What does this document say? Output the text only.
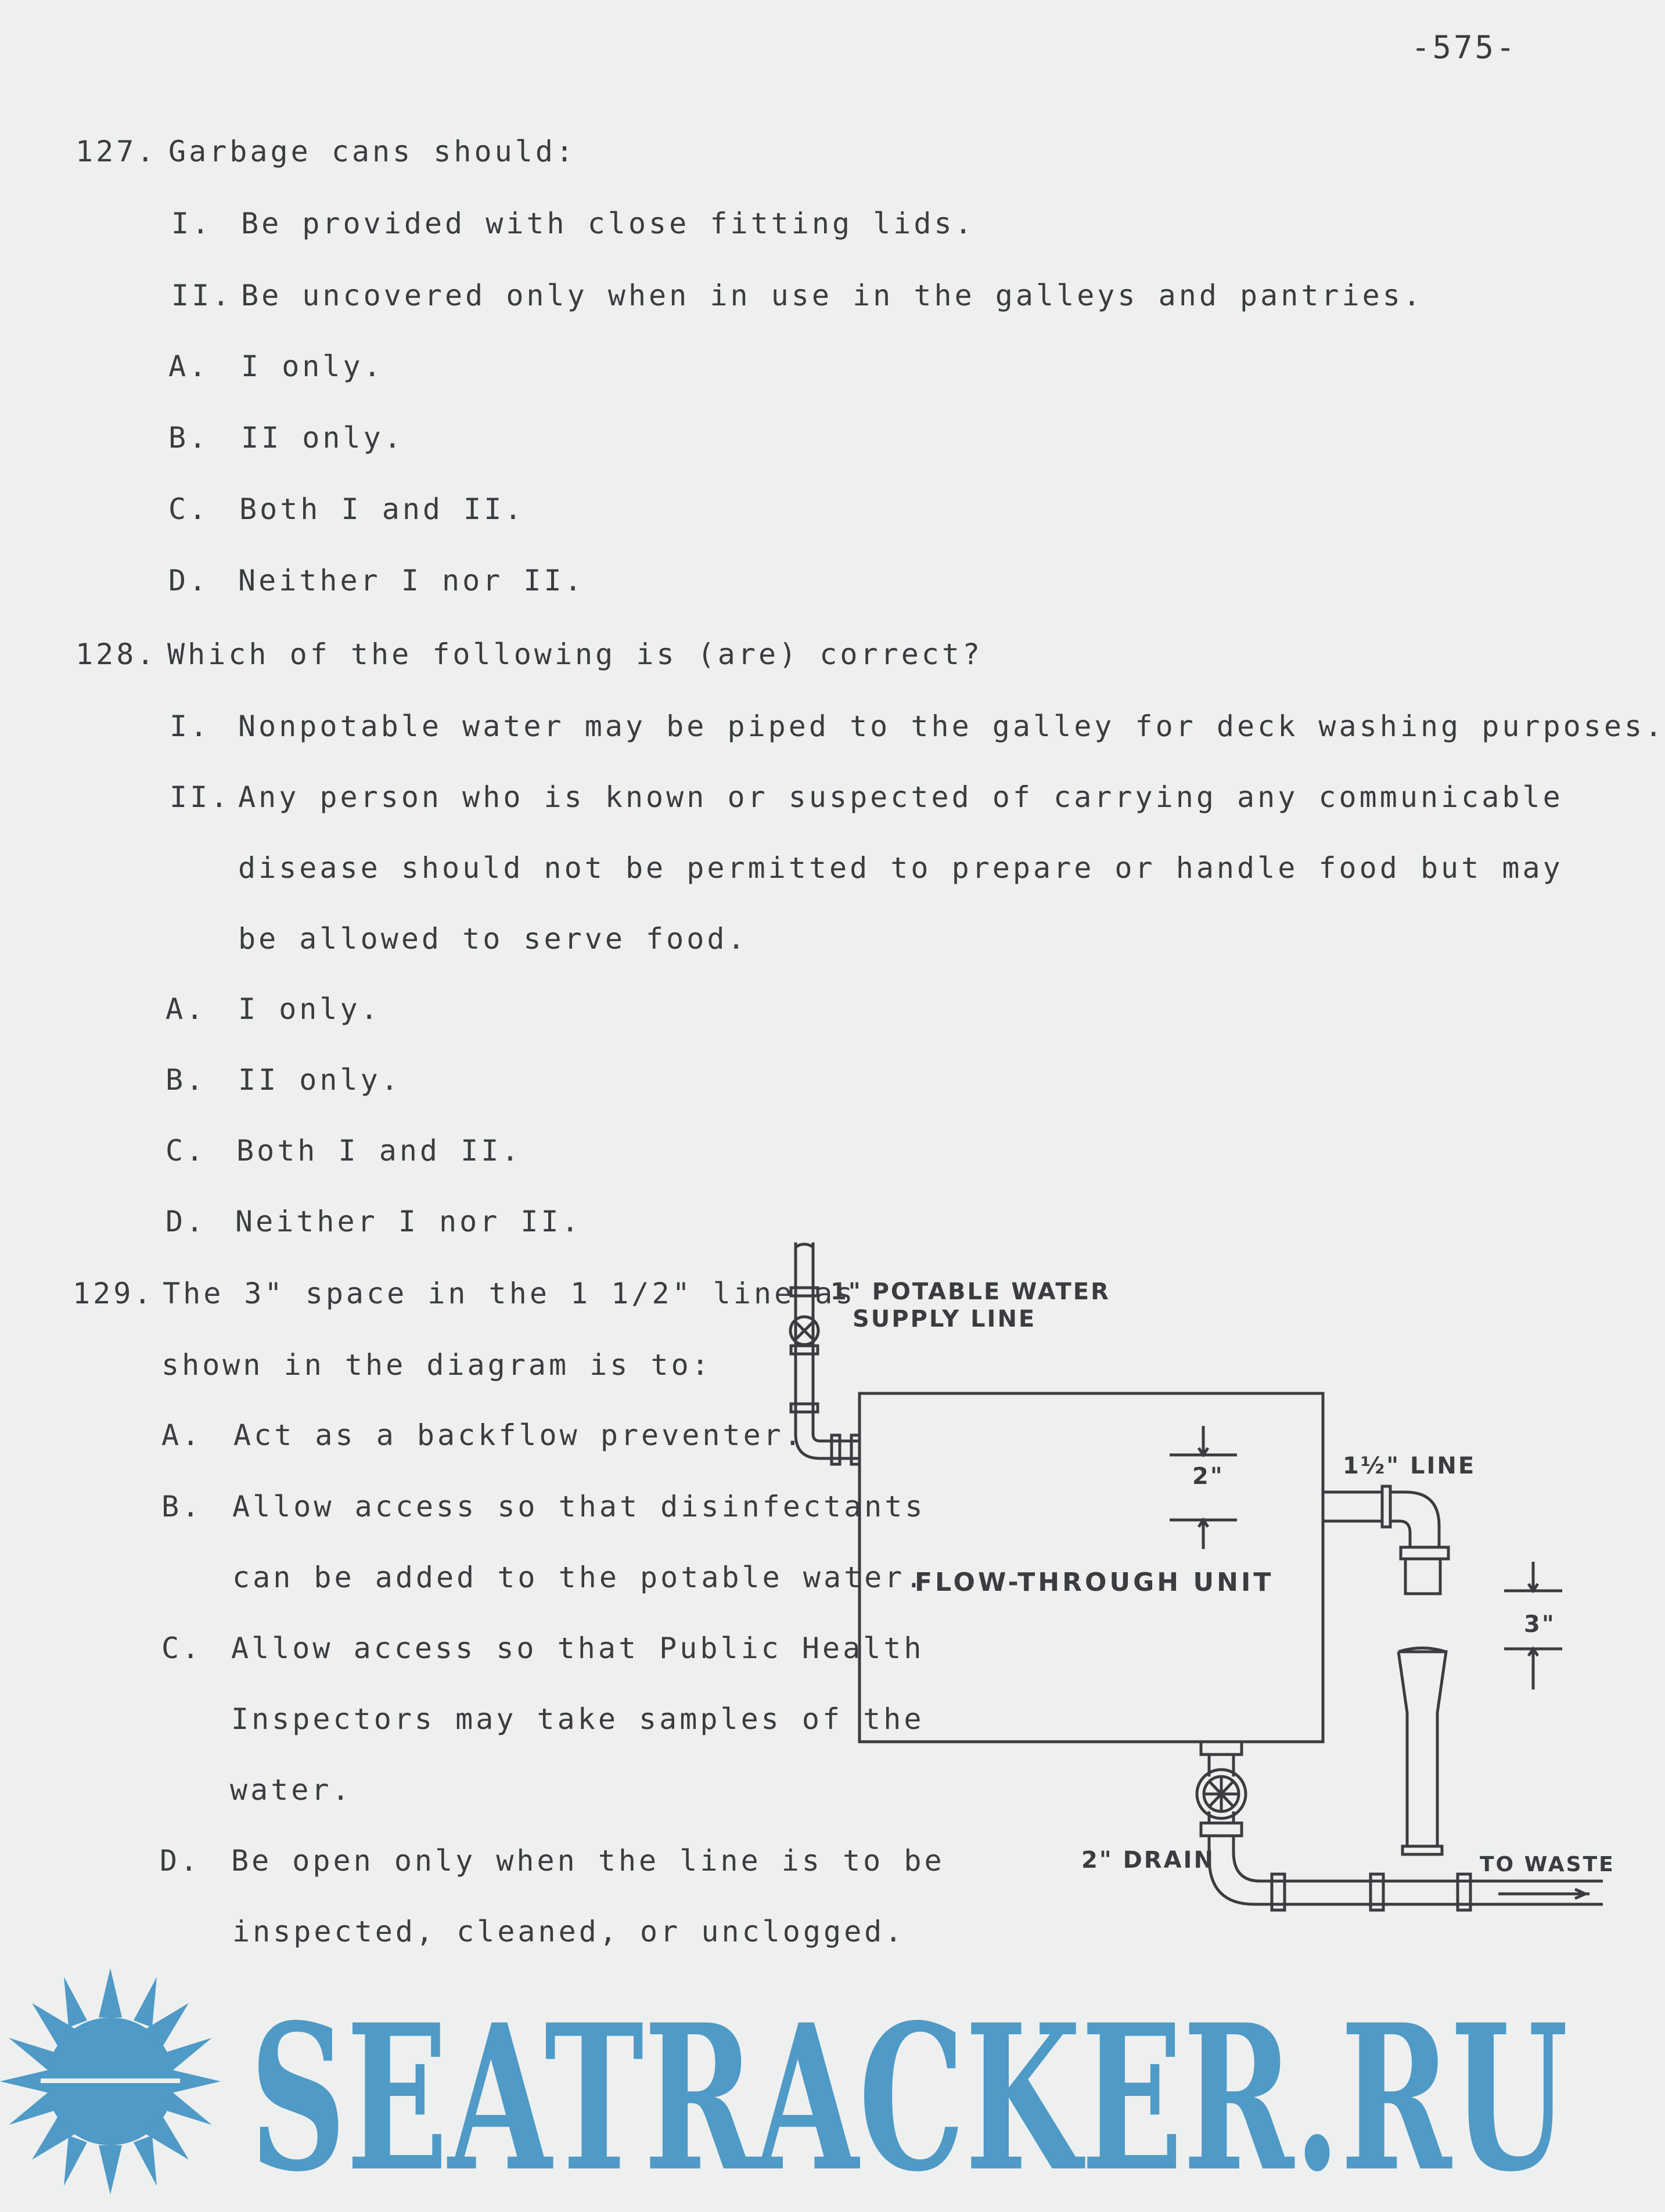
-575-
127. Garbage cans should:
I. Be provided with close fitting lids.
II. Be uncovered only when in use in the galleys and pantries.
A. I only.
B. II only.
C. Both I and II.
D. Neither I nor II.
128. Which of the following is (are) correct?
I. Nonpotable water may be piped to the galley for deck washing purposes.
II. Any person who is known or suspected of carrying any communicable
disease should not be permitted to prepare or handle food but may
be allowed to serve food.
A. I only.
B. II only.
C. Both I and II.
D. Neither I nor II.
129. The 3" space in the 1 1/2" line as
shown in the diagram is to:
A. Act as a backflow preventer.
B. Allow access so that disinfectants
can be added to the potable water.
C. Allow access so that Public Health
Inspectors may take samples of the
water.
D. Be open only when the line is to be
inspected, cleaned, or unclogged.
1" POTABLE WATER
SUPPLY LINE
FLOW-THROUGH UNIT
2"	1½" LINE
3"
2" DRAIN	TO WASTE
SEATRACKER.RU
